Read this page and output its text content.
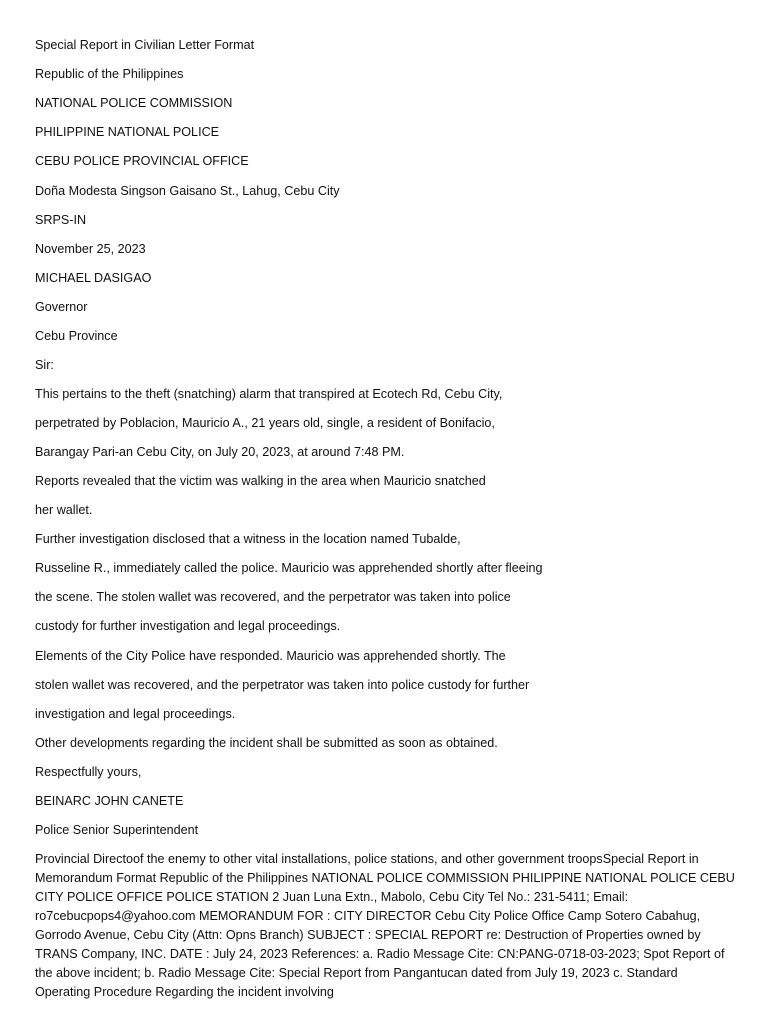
Special Report in Civilian Letter Format

Republic of the Philippines

NATIONAL POLICE COMMISSION

PHILIPPINE NATIONAL POLICE

CEBU POLICE PROVINCIAL OFFICE

Doña Modesta Singson Gaisano St., Lahug, Cebu City

SRPS-IN

November 25, 2023

MICHAEL DASIGAO

Governor

Cebu Province

Sir:

This pertains to the theft (snatching) alarm that transpired at Ecotech Rd, Cebu City,

perpetrated by Poblacion, Mauricio A., 21 years old, single, a resident of Bonifacio,

Barangay Pari-an Cebu City, on July 20, 2023, at around 7:48 PM.

Reports revealed that the victim was walking in the area when Mauricio snatched

her wallet.

Further investigation disclosed that a witness in the location named Tubalde,

Russeline R., immediately called the police. Mauricio was apprehended shortly after fleeing

the scene. The stolen wallet was recovered, and the perpetrator was taken into police

custody for further investigation and legal proceedings.

Elements of the City Police have responded. Mauricio was apprehended shortly. The

stolen wallet was recovered, and the perpetrator was taken into police custody for further

investigation and legal proceedings.

Other developments regarding the incident shall be submitted as soon as obtained.

Respectfully yours,

BEINARC JOHN CANETE

Police Senior Superintendent

Provincial Directoof the enemy to other vital installations, police stations, and other government troopsSpecial Report in Memorandum Format Republic of the Philippines NATIONAL POLICE COMMISSION PHILIPPINE NATIONAL POLICE CEBU CITY POLICE OFFICE POLICE STATION 2 Juan Luna Extn., Mabolo, Cebu City Tel No.: 231-5411; Email: ro7cebucpops4@yahoo.com MEMORANDUM FOR : CITY DIRECTOR Cebu City Police Office Camp Sotero Cabahug, Gorrodo Avenue, Cebu City (Attn: Opns Branch) SUBJECT : SPECIAL REPORT re: Destruction of Properties owned by TRANS Company, INC. DATE : July 24, 2023 References: a. Radio Message Cite: CN:PANG-0718-03-2023; Spot Report of the above incident; b. Radio Message Cite: Special Report from Pangantucan dated from July 19, 2023 c. Standard Operating Procedure Regarding the incident involving
